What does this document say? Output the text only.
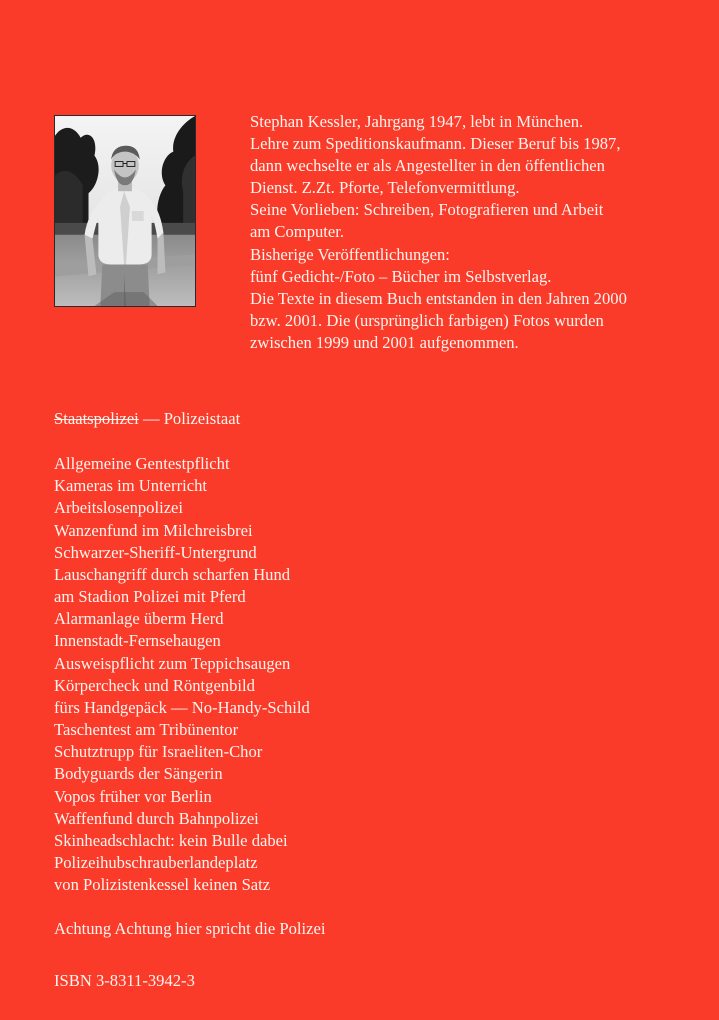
Stephan Kessler, Jahrgang 1947, lebt in München.
Lehre zum Speditionskaufmann. Dieser Beruf bis 1987,
dann wechselte er als Angestellter in den öffentlichen
Dienst. Z.Zt. Pforte, Telefonvermittlung.
Seine Vorlieben: Schreiben, Fotografieren und Arbeit
am Computer.
Bisherige Veröffentlichungen:
fünf Gedicht-/Foto – Bücher im Selbstverlag.
Die Texte in diesem Buch entstanden in den Jahren 2000
bzw. 2001. Die (ursprünglich farbigen) Fotos wurden
zwischen 1999 und 2001 aufgenommen.
Staatspolizei — Polizeistaat
Allgemeine Gentestpflicht
Kameras im Unterricht
Arbeitslosenpolizei
Wanzenfund im Milchreisbrei
Schwarzer-Sheriff-Untergrund
Lauschangriff durch scharfen Hund
am Stadion Polizei mit Pferd
Alarmanlage überm Herd
Innenstadt-Fernsehaugen
Ausweispflicht zum Teppichsaugen
Körpercheck und Röntgenbild
fürs Handgepäck — No-Handy-Schild
Taschentest am Tribünentor
Schutztrupp für Israeliten-Chor
Bodyguards der Sängerin
Vopos früher vor Berlin
Waffenfund durch Bahnpolizei
Skinheadschlacht: kein Bulle dabei
Polizeihubschrauberlandeplatz
von Polizistenkessel keinen Satz
Achtung Achtung hier spricht die Polizei
ISBN 3-8311-3942-3
